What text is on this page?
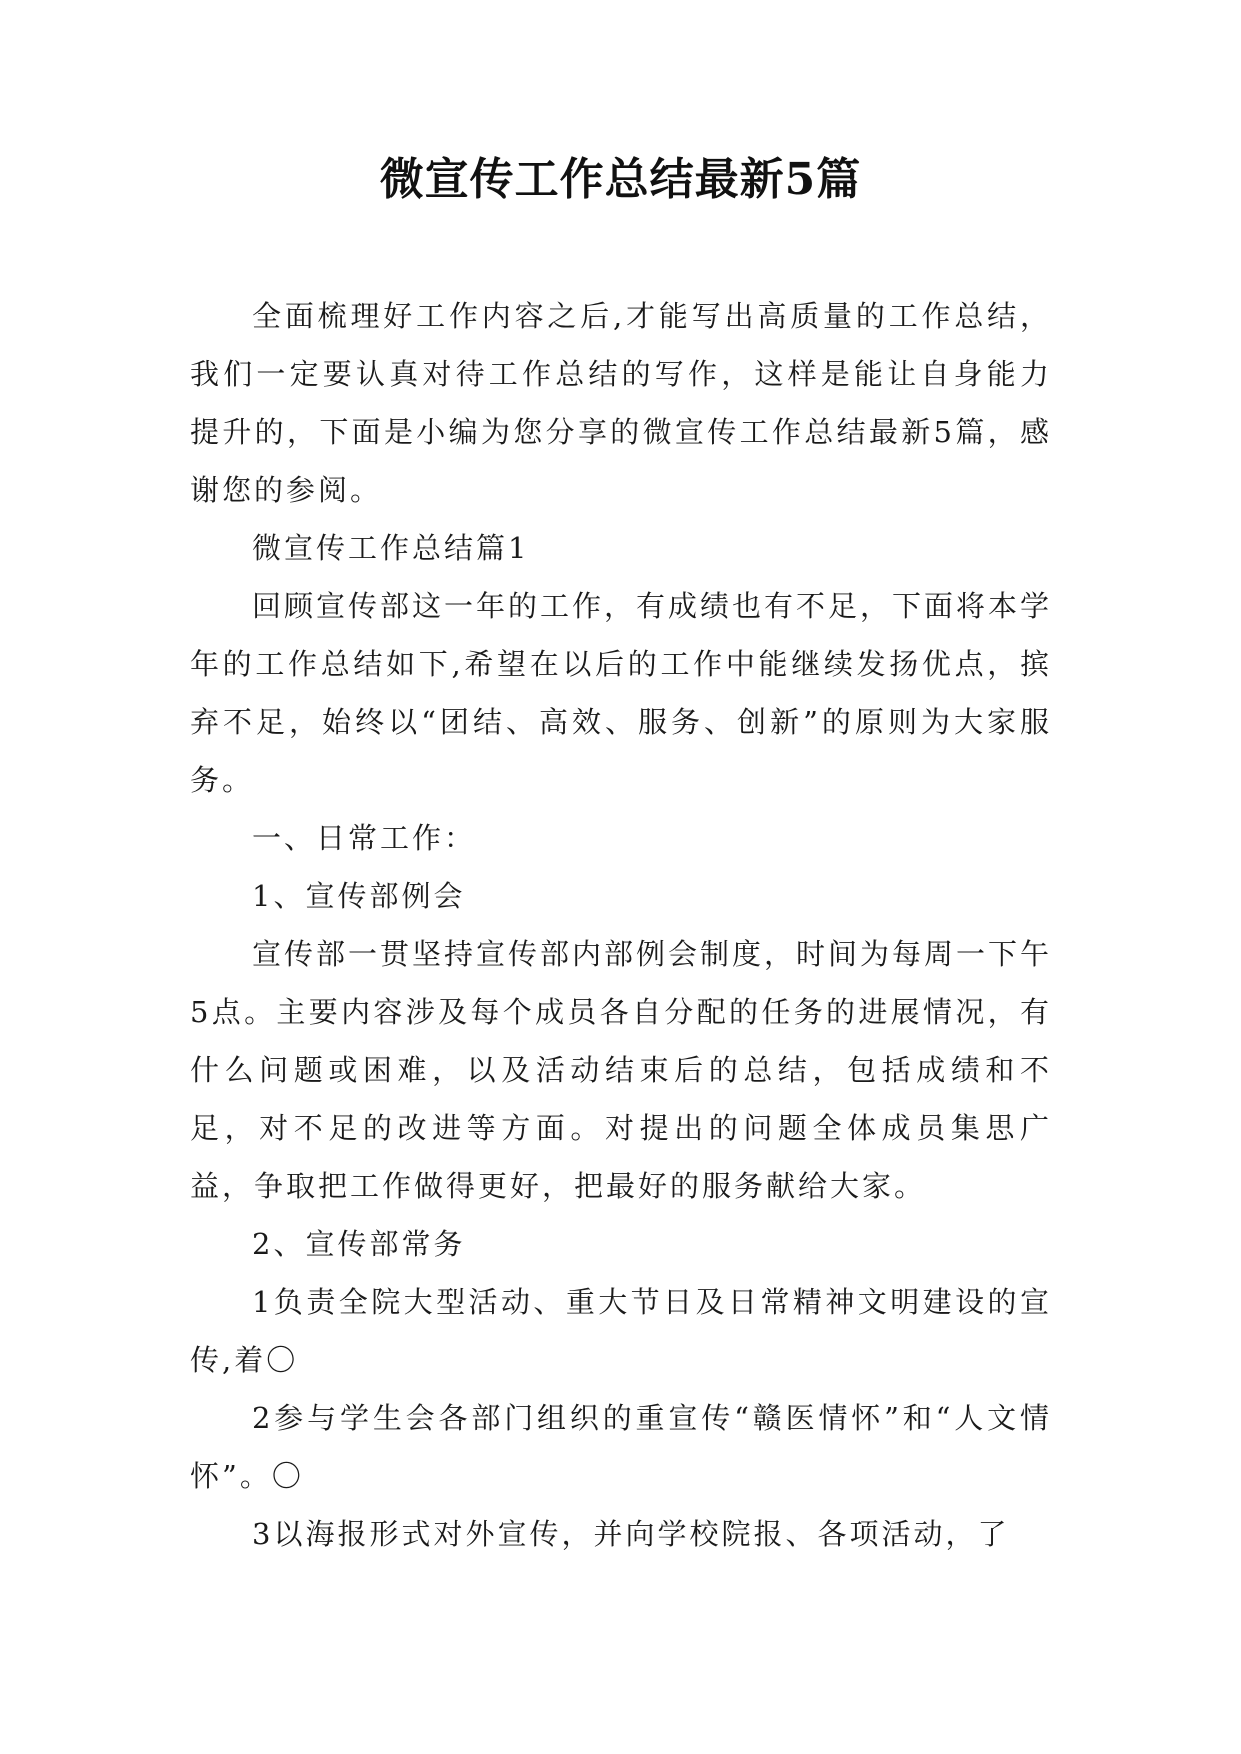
微宣传工作总结最新5篇

全面梳理好工作内容之后,才能写出高质量的工作总结，我们一定要认真对待工作总结的写作，这样是能让自身能力提升的，下面是小编为您分享的微宣传工作总结最新5篇，感谢您的参阅。

微宣传工作总结篇1

回顾宣传部这一年的工作，有成绩也有不足，下面将本学年的工作总结如下,希望在以后的工作中能继续发扬优点，摈弃不足，始终以“团结、高效、服务、创新”的原则为大家服务。

一、日常工作：

1、宣传部例会

宣传部一贯坚持宣传部内部例会制度，时间为每周一下午5点。主要内容涉及每个成员各自分配的任务的进展情况，有什么问题或困难，以及活动结束后的总结，包括成绩和不足，对不足的改进等方面。对提出的问题全体成员集思广益，争取把工作做得更好，把最好的服务献给大家。

2、宣传部常务

1负责全院大型活动、重大节日及日常精神文明建设的宣传,着〇

2参与学生会各部门组织的重宣传“赣医情怀”和“人文情怀”。〇

3以海报形式对外宣传，并向学校院报、各项活动，了
